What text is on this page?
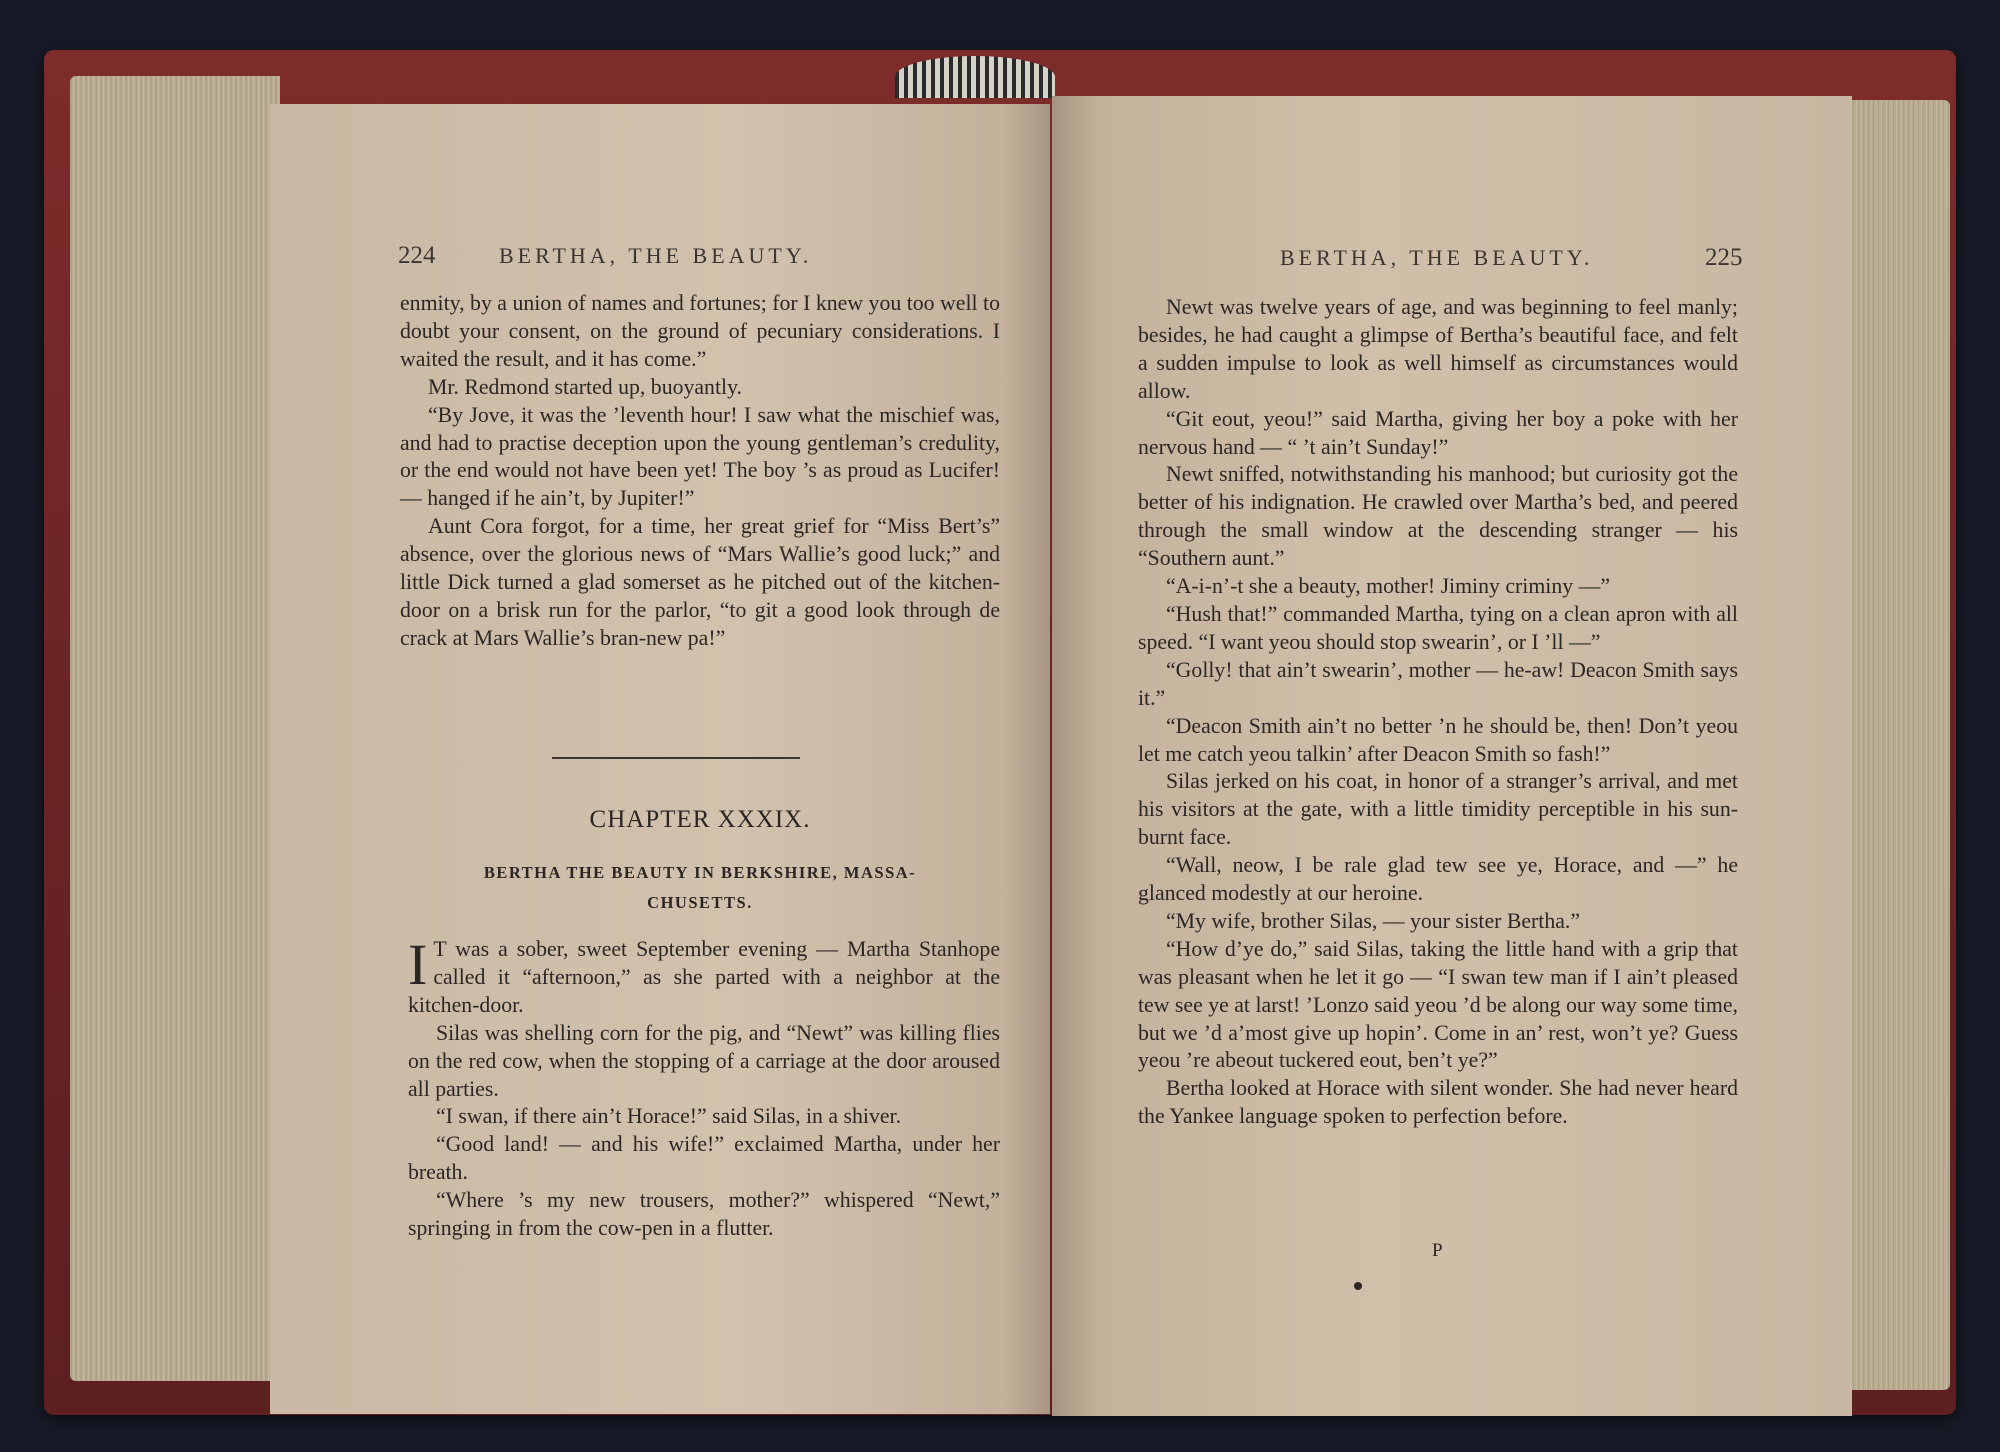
224	BERTHA, THE BEAUTY.

enmity, by a union of names and fortunes; for I knew you too well to doubt your consent, on the ground of pecuniary considerations. I waited the result, and it has come.”

Mr. Redmond started up, buoyantly.

“By Jove, it was the ’leventh hour! I saw what the mischief was, and had to practise deception upon the young gentleman’s credulity, or the end would not have been yet! The boy ’s as proud as Lucifer! — hanged if he ain’t, by Jupiter!”

Aunt Cora forgot, for a time, her great grief for “Miss Bert’s” absence, over the glorious news of “Mars Wallie’s good luck;” and little Dick turned a glad somerset as he pitched out of the kitchen-door on a brisk run for the parlor, “to git a good look through de crack at Mars Wallie’s bran-new pa!”

CHAPTER XXXIX.
BERTHA THE BEAUTY IN BERKSHIRE, MASSA-
CHUSETTS.

I T was a sober, sweet September evening — Martha Stanhope called it “afternoon,” as she parted with a neighbor at the kitchen-door.

Silas was shelling corn for the pig, and “Newt” was killing flies on the red cow, when the stopping of a carriage at the door aroused all parties.

“I swan, if there ain’t Horace!” said Silas, in a shiver.

“Good land! — and his wife!” exclaimed Martha, under her breath.

“Where ’s my new trousers, mother?” whispered “Newt,” springing in from the cow-pen in a flutter.

BERTHA, THE BEAUTY.	225

Newt was twelve years of age, and was beginning to feel manly; besides, he had caught a glimpse of Bertha’s beautiful face, and felt a sudden impulse to look as well himself as circumstances would allow.

“Git eout, yeou!” said Martha, giving her boy a poke with her nervous hand — “ ’t ain’t Sunday!”

Newt sniffed, notwithstanding his manhood; but curiosity got the better of his indignation. He crawled over Martha’s bed, and peered through the small window at the descending stranger — his “Southern aunt.”

“A-i-n’-t she a beauty, mother! Jiminy criminy —”

“Hush that!” commanded Martha, tying on a clean apron with all speed. “I want yeou should stop swearin’, or I ’ll —”

“Golly! that ain’t swearin’, mother — he-aw! Deacon Smith says it.”

“Deacon Smith ain’t no better ’n he should be, then! Don’t yeou let me catch yeou talkin’ after Deacon Smith so fash!”

Silas jerked on his coat, in honor of a stranger’s arrival, and met his visitors at the gate, with a little timidity perceptible in his sun-burnt face.

“Wall, neow, I be rale glad tew see ye, Horace, and —” he glanced modestly at our heroine.

“My wife, brother Silas, — your sister Bertha.”

“How d’ye do,” said Silas, taking the little hand with a grip that was pleasant when he let it go — “I swan tew man if I ain’t pleased tew see ye at larst! ’Lonzo said yeou ’d be along our way some time, but we ’d a’most give up hopin’. Come in an’ rest, won’t ye? Guess yeou ’re abeout tuckered eout, ben’t ye?”

Bertha looked at Horace with silent wonder. She had never heard the Yankee language spoken to perfection before.

P
